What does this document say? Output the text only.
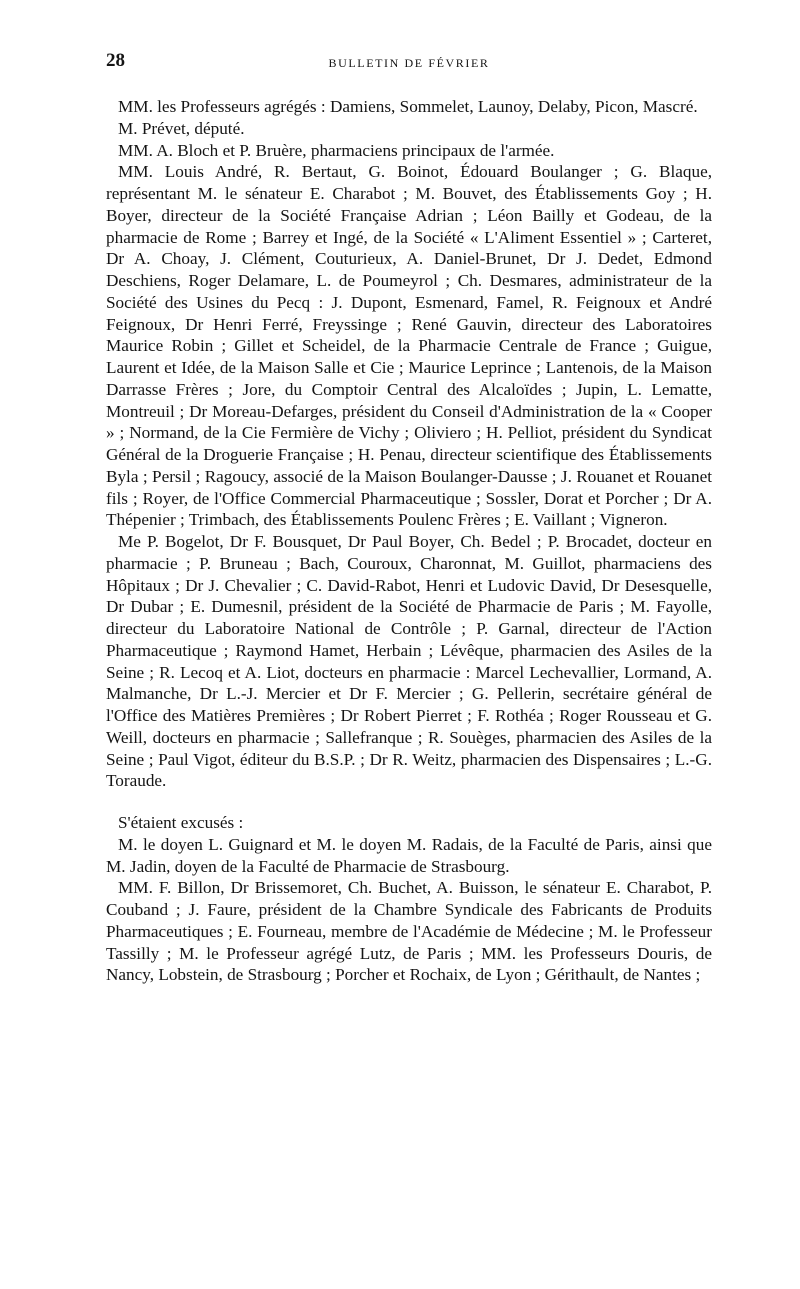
28	BULLETIN DE FÉVRIER

MM. les Professeurs agrégés : Damiens, Sommelet, Launoy, Delaby, Picon, Mascré.

M. Prévet, député.

MM. A. Bloch et P. Bruère, pharmaciens principaux de l'armée.

MM. Louis André, R. Bertaut, G. Boinot, Édouard Boulanger ; G. Blaque, représentant M. le sénateur E. Charabot ; M. Bouvet, des Établissements Goy ; H. Boyer, directeur de la Société Française Adrian ; Léon Bailly et Godeau, de la pharmacie de Rome ; Barrey et Ingé, de la Société « L'Aliment Essentiel » ; Carteret, Dr A. Choay, J. Clément, Couturieux, A. Daniel-Brunet, Dr J. Dedet, Edmond Deschiens, Roger Delamare, L. de Poumeyrol ; Ch. Desmares, administrateur de la Société des Usines du Pecq : J. Dupont, Esmenard, Famel, R. Feignoux et André Feignoux, Dr Henri Ferré, Freyssinge ; René Gauvin, directeur des Laboratoires Maurice Robin ; Gillet et Scheidel, de la Pharmacie Centrale de France ; Guigue, Laurent et Idée, de la Maison Salle et Cie ; Maurice Leprince ; Lantenois, de la Maison Darrasse Frères ; Jore, du Comptoir Central des Alcaloïdes ; Jupin, L. Lematte, Montreuil ; Dr Moreau-Defarges, président du Conseil d'Administration de la « Cooper » ; Normand, de la Cie Fermière de Vichy ; Oliviero ; H. Pelliot, président du Syndicat Général de la Droguerie Française ; H. Penau, directeur scientifique des Établissements Byla ; Persil ; Ragoucy, associé de la Maison Boulanger-Dausse ; J. Rouanet et Rouanet fils ; Royer, de l'Office Commercial Pharmaceutique ; Sossler, Dorat et Porcher ; Dr A. Thépenier ; Trimbach, des Établissements Poulenc Frères ; E. Vaillant ; Vigneron.

Me P. Bogelot, Dr F. Bousquet, Dr Paul Boyer, Ch. Bedel ; P. Brocadet, docteur en pharmacie ; P. Bruneau ; Bach, Couroux, Charonnat, M. Guillot, pharmaciens des Hôpitaux ; Dr J. Chevalier ; C. David-Rabot, Henri et Ludovic David, Dr Desesquelle, Dr Dubar ; E. Dumesnil, président de la Société de Pharmacie de Paris ; M. Fayolle, directeur du Laboratoire National de Contrôle ; P. Garnal, directeur de l'Action Pharmaceutique ; Raymond Hamet, Herbain ; Lévêque, pharmacien des Asiles de la Seine ; R. Lecoq et A. Liot, docteurs en pharmacie : Marcel Lechevallier, Lormand, A. Malmanche, Dr L.-J. Mercier et Dr F. Mercier ; G. Pellerin, secrétaire général de l'Office des Matières Premières ; Dr Robert Pierret ; F. Rothéa ; Roger Rousseau et G. Weill, docteurs en pharmacie ; Sallefranque ; R. Souèges, pharmacien des Asiles de la Seine ; Paul Vigot, éditeur du B.S.P. ; Dr R. Weitz, pharmacien des Dispensaires ; L.-G. Toraude.

S'étaient excusés :

M. le doyen L. Guignard et M. le doyen M. Radais, de la Faculté de Paris, ainsi que M. Jadin, doyen de la Faculté de Pharmacie de Strasbourg.

MM. F. Billon, Dr Brissemoret, Ch. Buchet, A. Buisson, le sénateur E. Charabot, P. Couband ; J. Faure, président de la Chambre Syndicale des Fabricants de Produits Pharmaceutiques ; E. Fourneau, membre de l'Académie de Médecine ; M. le Professeur Tassilly ; M. le Professeur agrégé Lutz, de Paris ; MM. les Professeurs Douris, de Nancy, Lobstein, de Strasbourg ; Porcher et Rochaix, de Lyon ; Gérithault, de Nantes ;
